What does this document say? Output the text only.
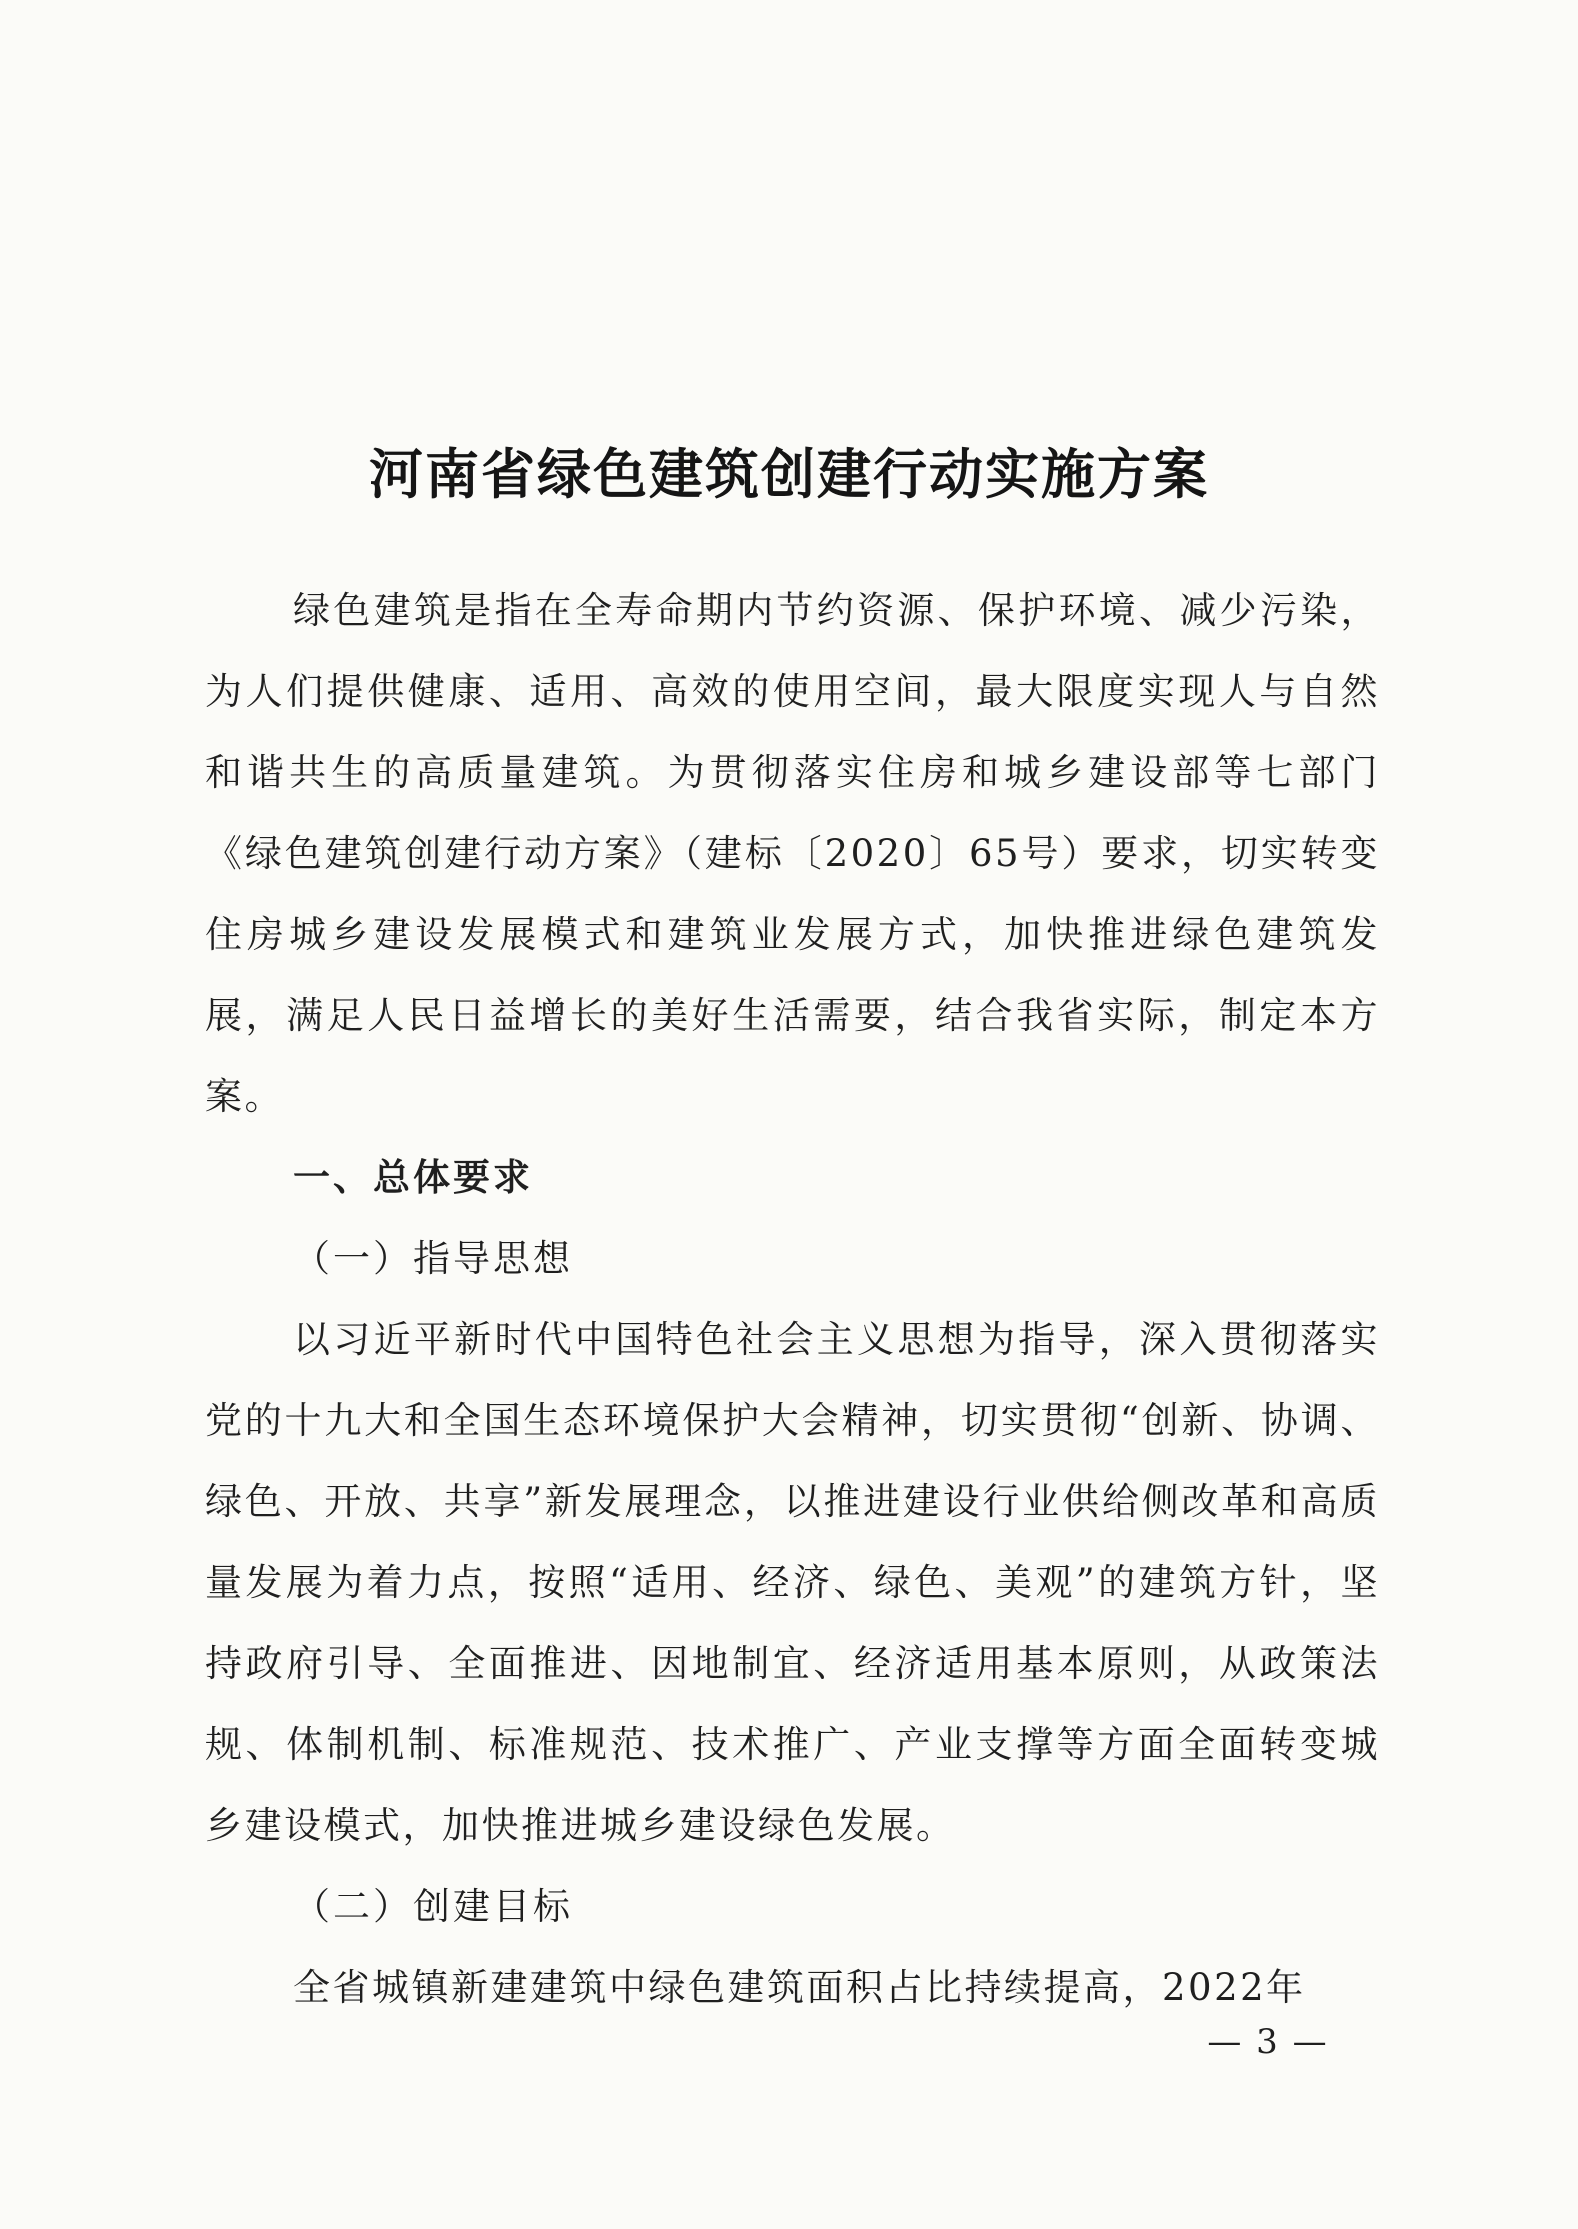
河南省绿色建筑创建行动实施方案

绿色建筑是指在全寿命期内节约资源、保护环境、减少污染，为人们提供健康、适用、高效的使用空间，最大限度实现人与自然和谐共生的高质量建筑。为贯彻落实住房和城乡建设部等七部门《绿色建筑创建行动方案》（建标〔2020〕65号）要求，切实转变住房城乡建设发展模式和建筑业发展方式，加快推进绿色建筑发展，满足人民日益增长的美好生活需要，结合我省实际，制定本方案。

一、总体要求

（一）指导思想

以习近平新时代中国特色社会主义思想为指导，深入贯彻落实党的十九大和全国生态环境保护大会精神，切实贯彻“创新、协调、绿色、开放、共享”新发展理念，以推进建设行业供给侧改革和高质量发展为着力点，按照“适用、经济、绿色、美观”的建筑方针，坚持政府引导、全面推进、因地制宜、经济适用基本原则，从政策法规、体制机制、标准规范、技术推广、产业支撑等方面全面转变城乡建设模式，加快推进城乡建设绿色发展。

（二）创建目标

全省城镇新建建筑中绿色建筑面积占比持续提高，2022年

— 3 —
